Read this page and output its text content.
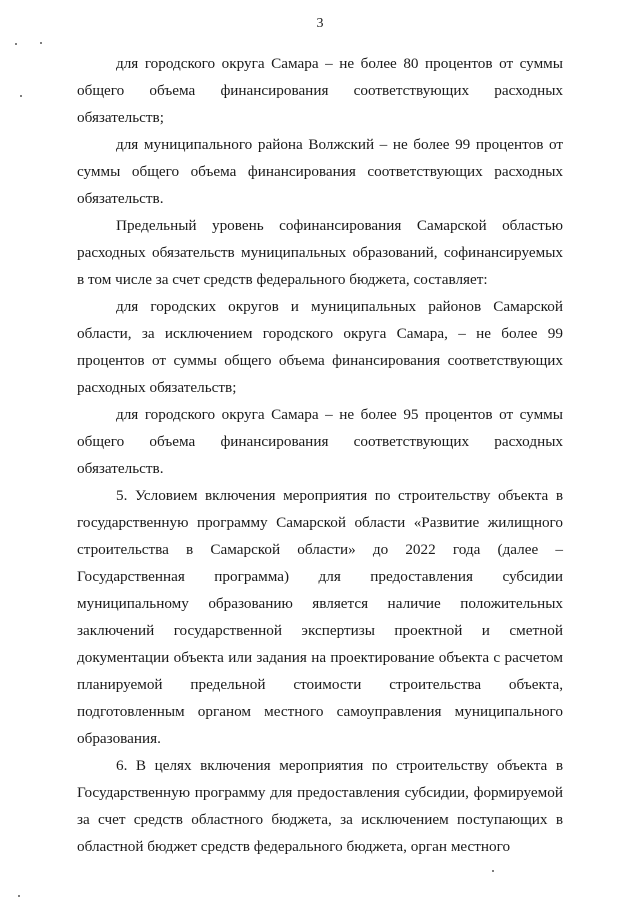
3

для городского округа Самара – не более 80 процентов от суммы общего объема финансирования соответствующих расходных обязательств;

для муниципального района Волжский – не более 99 процентов от суммы общего объема финансирования соответствующих расходных обязательств.

Предельный уровень софинансирования Самарской областью расходных обязательств муниципальных образований, софинансируемых в том числе за счет средств федерального бюджета, составляет:

для городских округов и муниципальных районов Самарской области, за исключением городского округа Самара, – не более 99 процентов от суммы общего объема финансирования соответствующих расходных обязательств;

для городского округа Самара – не более 95 процентов от суммы общего объема финансирования соответствующих расходных обязательств.

5. Условием включения мероприятия по строительству объекта в государственную программу Самарской области «Развитие жилищного строительства в Самарской области» до 2022 года (далее – Государственная программа) для предоставления субсидии муниципальному образованию является наличие положительных заключений государственной экспертизы проектной и сметной документации объекта или задания на проектирование объекта с расчетом планируемой предельной стоимости строительства объекта, подготовленным органом местного самоуправления муниципального образования.

6. В целях включения мероприятия по строительству объекта в Государственную программу для предоставления субсидии, формируемой за счет средств областного бюджета, за исключением поступающих в областной бюджет средств федерального бюджета, орган местного
